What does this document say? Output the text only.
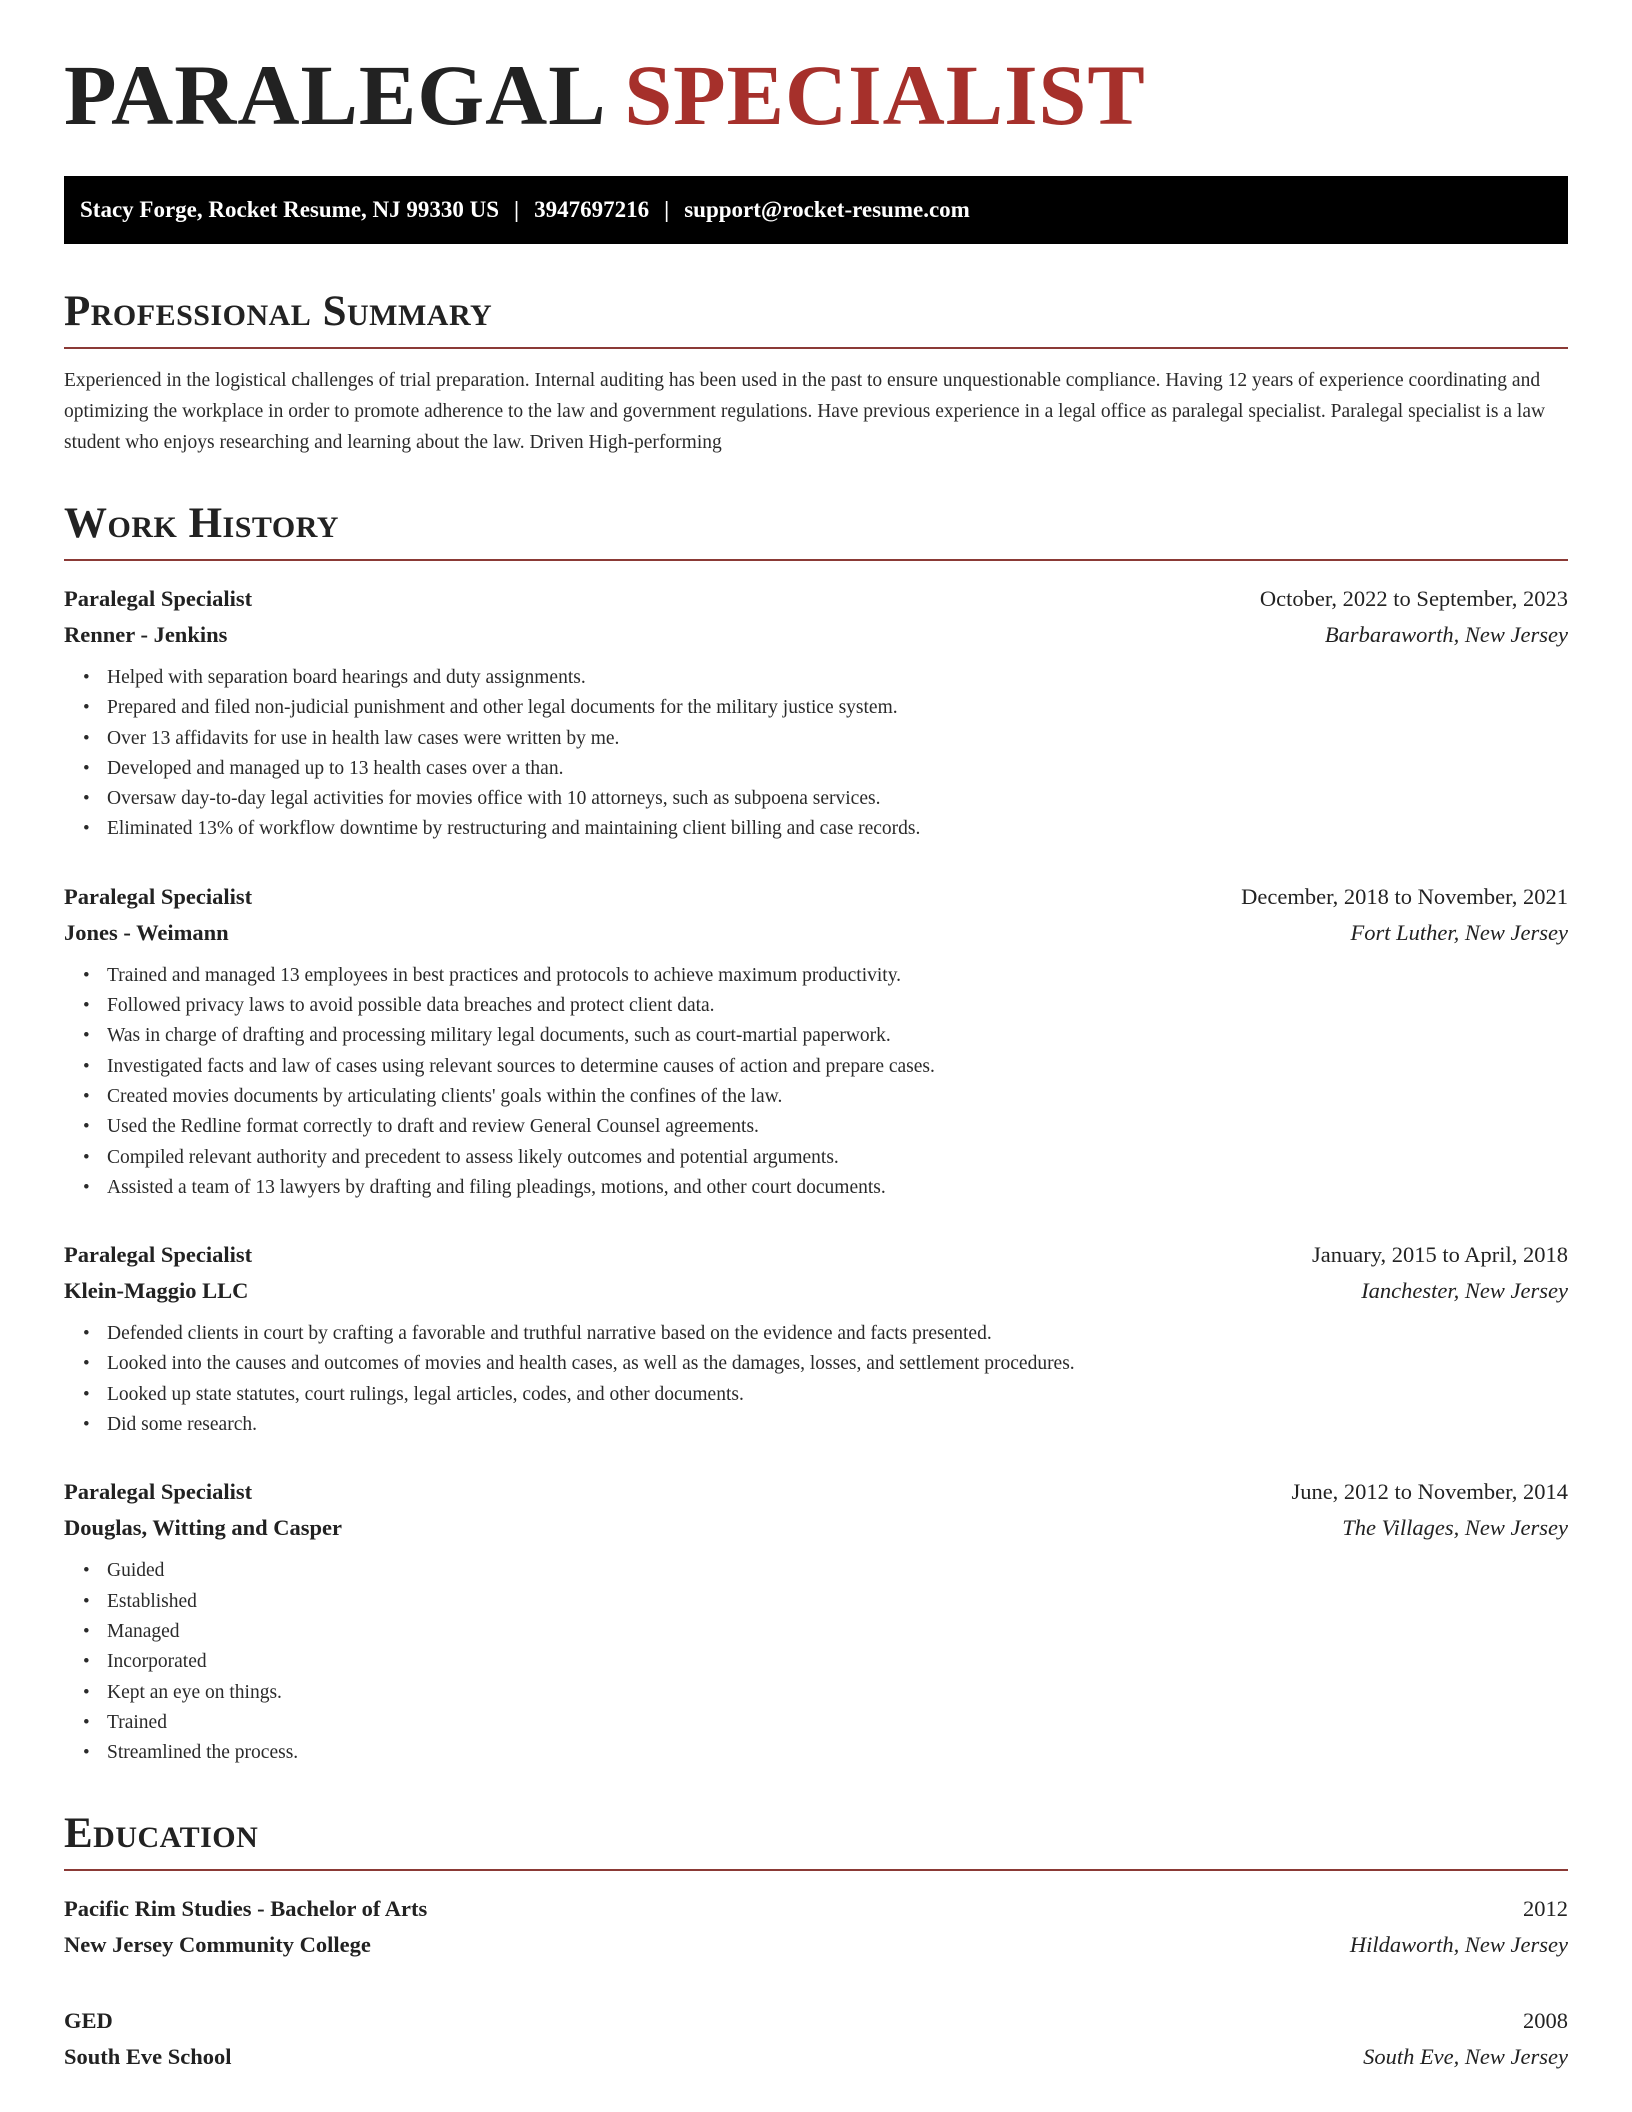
PARALEGAL SPECIALIST
Stacy Forge, Rocket Resume, NJ 99330 US | 3947697216 | support@rocket-resume.com
Professional Summary
Experienced in the logistical challenges of trial preparation. Internal auditing has been used in the past to ensure unquestionable compliance. Having 12 years of experience coordinating and optimizing the workplace in order to promote adherence to the law and government regulations. Have previous experience in a legal office as paralegal specialist. Paralegal specialist is a law student who enjoys researching and learning about the law. Driven High-performing
Work History
Paralegal Specialist	October, 2022 to September, 2023
Renner - Jenkins	Barbaraworth, New Jersey
• Helped with separation board hearings and duty assignments.
• Prepared and filed non-judicial punishment and other legal documents for the military justice system.
• Over 13 affidavits for use in health law cases were written by me.
• Developed and managed up to 13 health cases over a than.
• Oversaw day-to-day legal activities for movies office with 10 attorneys, such as subpoena services.
• Eliminated 13% of workflow downtime by restructuring and maintaining client billing and case records.
Paralegal Specialist	December, 2018 to November, 2021
Jones - Weimann	Fort Luther, New Jersey
• Trained and managed 13 employees in best practices and protocols to achieve maximum productivity.
• Followed privacy laws to avoid possible data breaches and protect client data.
• Was in charge of drafting and processing military legal documents, such as court-martial paperwork.
• Investigated facts and law of cases using relevant sources to determine causes of action and prepare cases.
• Created movies documents by articulating clients' goals within the confines of the law.
• Used the Redline format correctly to draft and review General Counsel agreements.
• Compiled relevant authority and precedent to assess likely outcomes and potential arguments.
• Assisted a team of 13 lawyers by drafting and filing pleadings, motions, and other court documents.
Paralegal Specialist	January, 2015 to April, 2018
Klein-Maggio LLC	Ianchester, New Jersey
• Defended clients in court by crafting a favorable and truthful narrative based on the evidence and facts presented.
• Looked into the causes and outcomes of movies and health cases, as well as the damages, losses, and settlement procedures.
• Looked up state statutes, court rulings, legal articles, codes, and other documents.
• Did some research.
Paralegal Specialist	June, 2012 to November, 2014
Douglas, Witting and Casper	The Villages, New Jersey
• Guided
• Established
• Managed
• Incorporated
• Kept an eye on things.
• Trained
• Streamlined the process.
Education
Pacific Rim Studies - Bachelor of Arts	2012
New Jersey Community College	Hildaworth, New Jersey
GED	2008
South Eve School	South Eve, New Jersey
